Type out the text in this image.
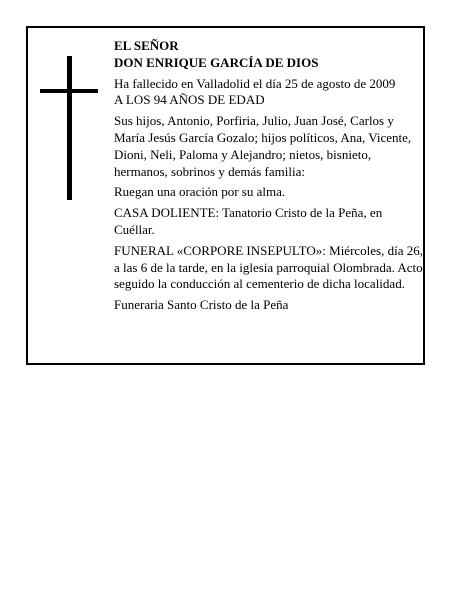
EL SEÑOR

DON ENRIQUE GARCÍA DE DIOS

Ha fallecido en Valladolid el día 25 de agosto de 2009

A LOS 94 AÑOS DE EDAD

Sus hijos, Antonio, Porfiria, Julio, Juan José, Carlos y María Jesús García Gozalo; hijos políticos, Ana, Vicente, Dioni, Neli, Paloma y Alejandro; nietos, bisnieto, hermanos, sobrinos y demás familia:

Ruegan una oración por su alma.

CASA DOLIENTE: Tanatorio Cristo de la Peña, en Cuéllar.

FUNERAL «CORPORE INSEPULTO»: Miércoles, día 26, a las 6 de la tarde, en la iglesia parroquial Olombrada. Acto seguido la conducción al cementerio de dicha localidad.

Funeraria Santo Cristo de la Peña
